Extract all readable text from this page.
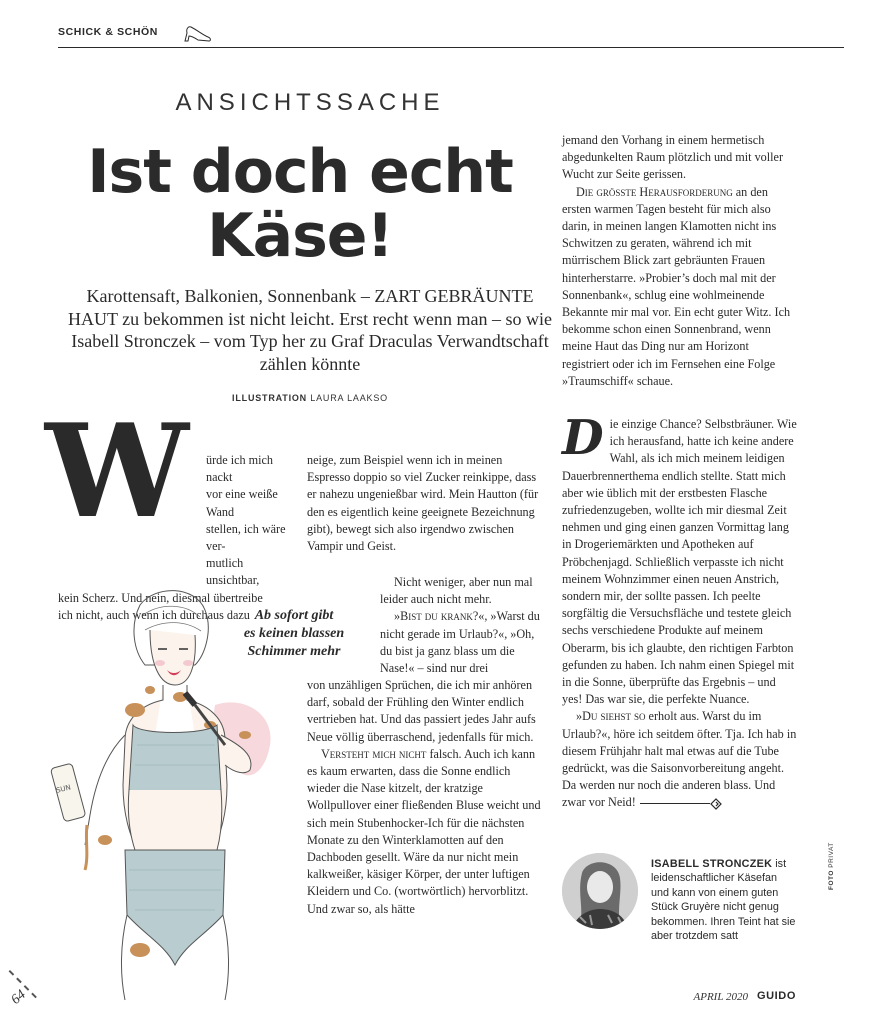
SCHICK & SCHÖN
ANSICHTSSACHE
Ist doch echt
Käse!
Karottensaft, Balkonien, Sonnenbank – ZART GEBRÄUNTE HAUT zu bekommen ist nicht leicht. Erst recht wenn man – so wie Isabell Stronczek – vom Typ her zu Graf Draculas Verwandtschaft zählen könnte
ILLUSTRATION LAURA LAAKSO
W	ürde ich mich nackt
vor eine weiße Wand
stellen, ich wäre ver-
mutlich unsichtbar,
kein Scherz. Und nein, diesmal übertreibe
ich nicht, auch wenn ich durchaus dazu
neige, zum Beispiel wenn ich in meinen Espresso doppio so viel Zucker reinkippe, dass er nahezu ungenießbar wird. Mein Hautton (für den es eigentlich keine geeignete Bezeichnung gibt), bewegt sich also irgendwo zwischen Vampir und Geist.

Nicht weniger, aber nun mal leider auch nicht mehr.

»Bist du krank?«, »Warst du nicht gerade im Urlaub?«, »Oh, du bist ja ganz blass um die Nase!« – sind nur drei

von unzähligen Sprüchen, die ich mir anhören darf, sobald der Frühling den Winter endlich vertrieben hat. Und das passiert jedes Jahr aufs Neue völlig überraschend, jedenfalls für mich.

Versteht mich nicht falsch. Auch ich kann es kaum erwarten, dass die Sonne endlich wieder die Nase kitzelt, der kratzige Wollpullover einer fließenden Bluse weicht und sich mein Stubenhocker-Ich für die nächsten Monate zu den Winterklamotten auf den Dachboden gesellt. Wäre da nur nicht mein kalkweißer, käsiger Körper, der unter luftigen Kleidern und Co. (wortwörtlich) hervorblitzt. Und zwar so, als hätte

jemand den Vorhang in einem hermetisch abgedunkelten Raum plötzlich und mit voller Wucht zur Seite gerissen.

Die grösste Herausforderung an den ersten warmen Tagen besteht für mich also darin, in meinen langen Klamotten nicht ins Schwitzen zu geraten, während ich mit mürrischem Blick zart gebräunten Frauen hinterherstarre. »Probier’s doch mal mit der Sonnenbank«, schlug eine wohlmeinende Bekannte mir mal vor. Ein echt guter Witz. Ich bekomme schon einen Sonnenbrand, wenn meine Haut das Ding nur am Horizont registriert oder ich im Fernsehen eine Folge »Traumschiff« schaue.

Die einzige Chance? Selbstbräuner. Wie ich herausfand, hatte ich keine andere Wahl, als ich mich meinem leidigen Dauerbrennerthema endlich stellte. Statt mich aber wie üblich mit der erstbesten Flasche zufriedenzugeben, wollte ich mir diesmal Zeit nehmen und ging einen ganzen Vormittag lang in Drogeriemärkten und Apotheken auf Pröbchenjagd. Schließlich verpasste ich nicht meinem Wohnzimmer einen neuen Anstrich, sondern mir, der sollte passen. Ich peelte sorgfältig die Versuchsfläche und testete gleich sechs verschiedene Produkte auf meinem Oberarm, bis ich glaubte, den richtigen Farbton gefunden zu haben. Ich nahm einen Spiegel mit in die Sonne, überprüfte das Ergebnis – und yes! Das war sie, die perfekte Nuance.

»Du siehst so erholt aus. Warst du im Urlaub?«, höre ich seitdem öfter. Tja. Ich hab in diesem Frühjahr halt mal etwas auf die Tube gedrückt, was die Saisonvorbereitung angeht. Da werden nur noch die anderen blass. Und zwar vor Neid!

Ab sofort gibt
es keinen blassen
Schimmer mehr
SUN
ISABELL STRONCZEK ist leidenschaftlicher Käsefan und kann von einem guten Stück Gruyère nicht genug bekommen. Ihren Teint hat sie aber trotzdem satt
FOTO PRIVAT
64	APRIL 2020 GUIDO
